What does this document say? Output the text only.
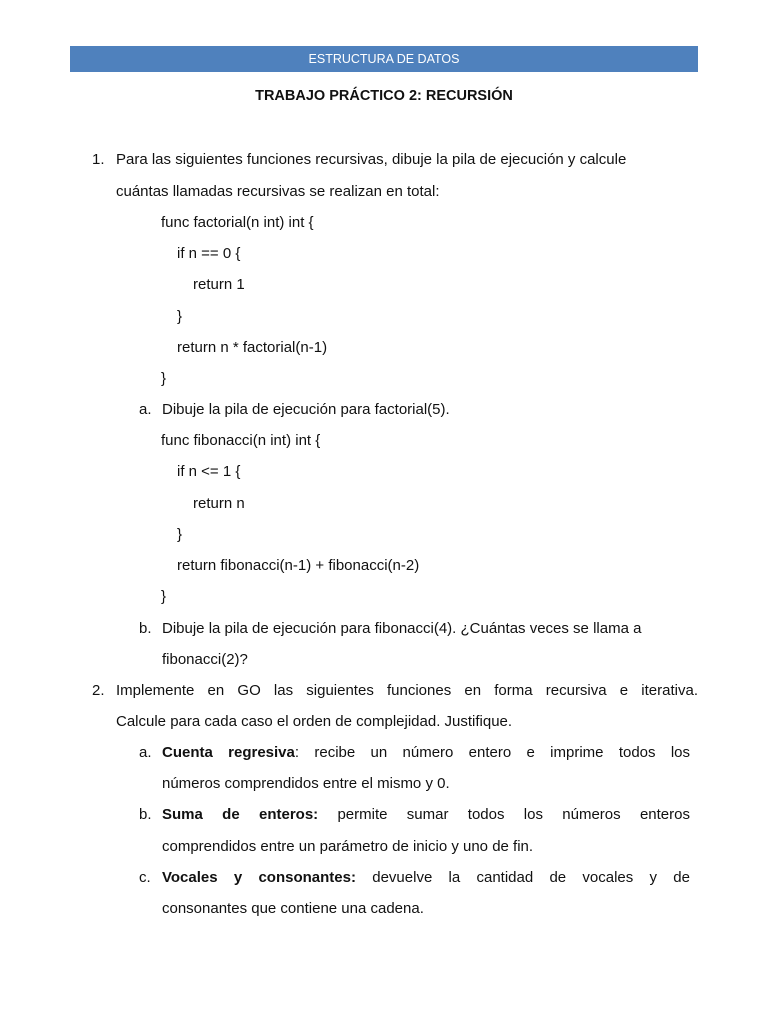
ESTRUCTURA DE DATOS
TRABAJO PRÁCTICO 2: RECURSIÓN
1. Para las siguientes funciones recursivas, dibuje la pila de ejecución y calcule
cuántas llamadas recursivas se realizan en total:
func factorial(n int) int {
if n == 0 {
return 1
}
return n * factorial(n-1)
}
a. Dibuje la pila de ejecución para factorial(5).
func fibonacci(n int) int {
if n <= 1 {
return n
}
return fibonacci(n-1) + fibonacci(n-2)
}
b. Dibuje la pila de ejecución para fibonacci(4). ¿Cuántas veces se llama a
fibonacci(2)?
2. Implemente en GO las siguientes funciones en forma recursiva e iterativa.
Calcule para cada caso el orden de complejidad. Justifique.
a. Cuenta regresiva: recibe un número entero e imprime todos los
números comprendidos entre el mismo y 0.
b. Suma de enteros: permite sumar todos los números enteros
comprendidos entre un parámetro de inicio y uno de fin.
c. Vocales y consonantes: devuelve la cantidad de vocales y de
consonantes que contiene una cadena.
